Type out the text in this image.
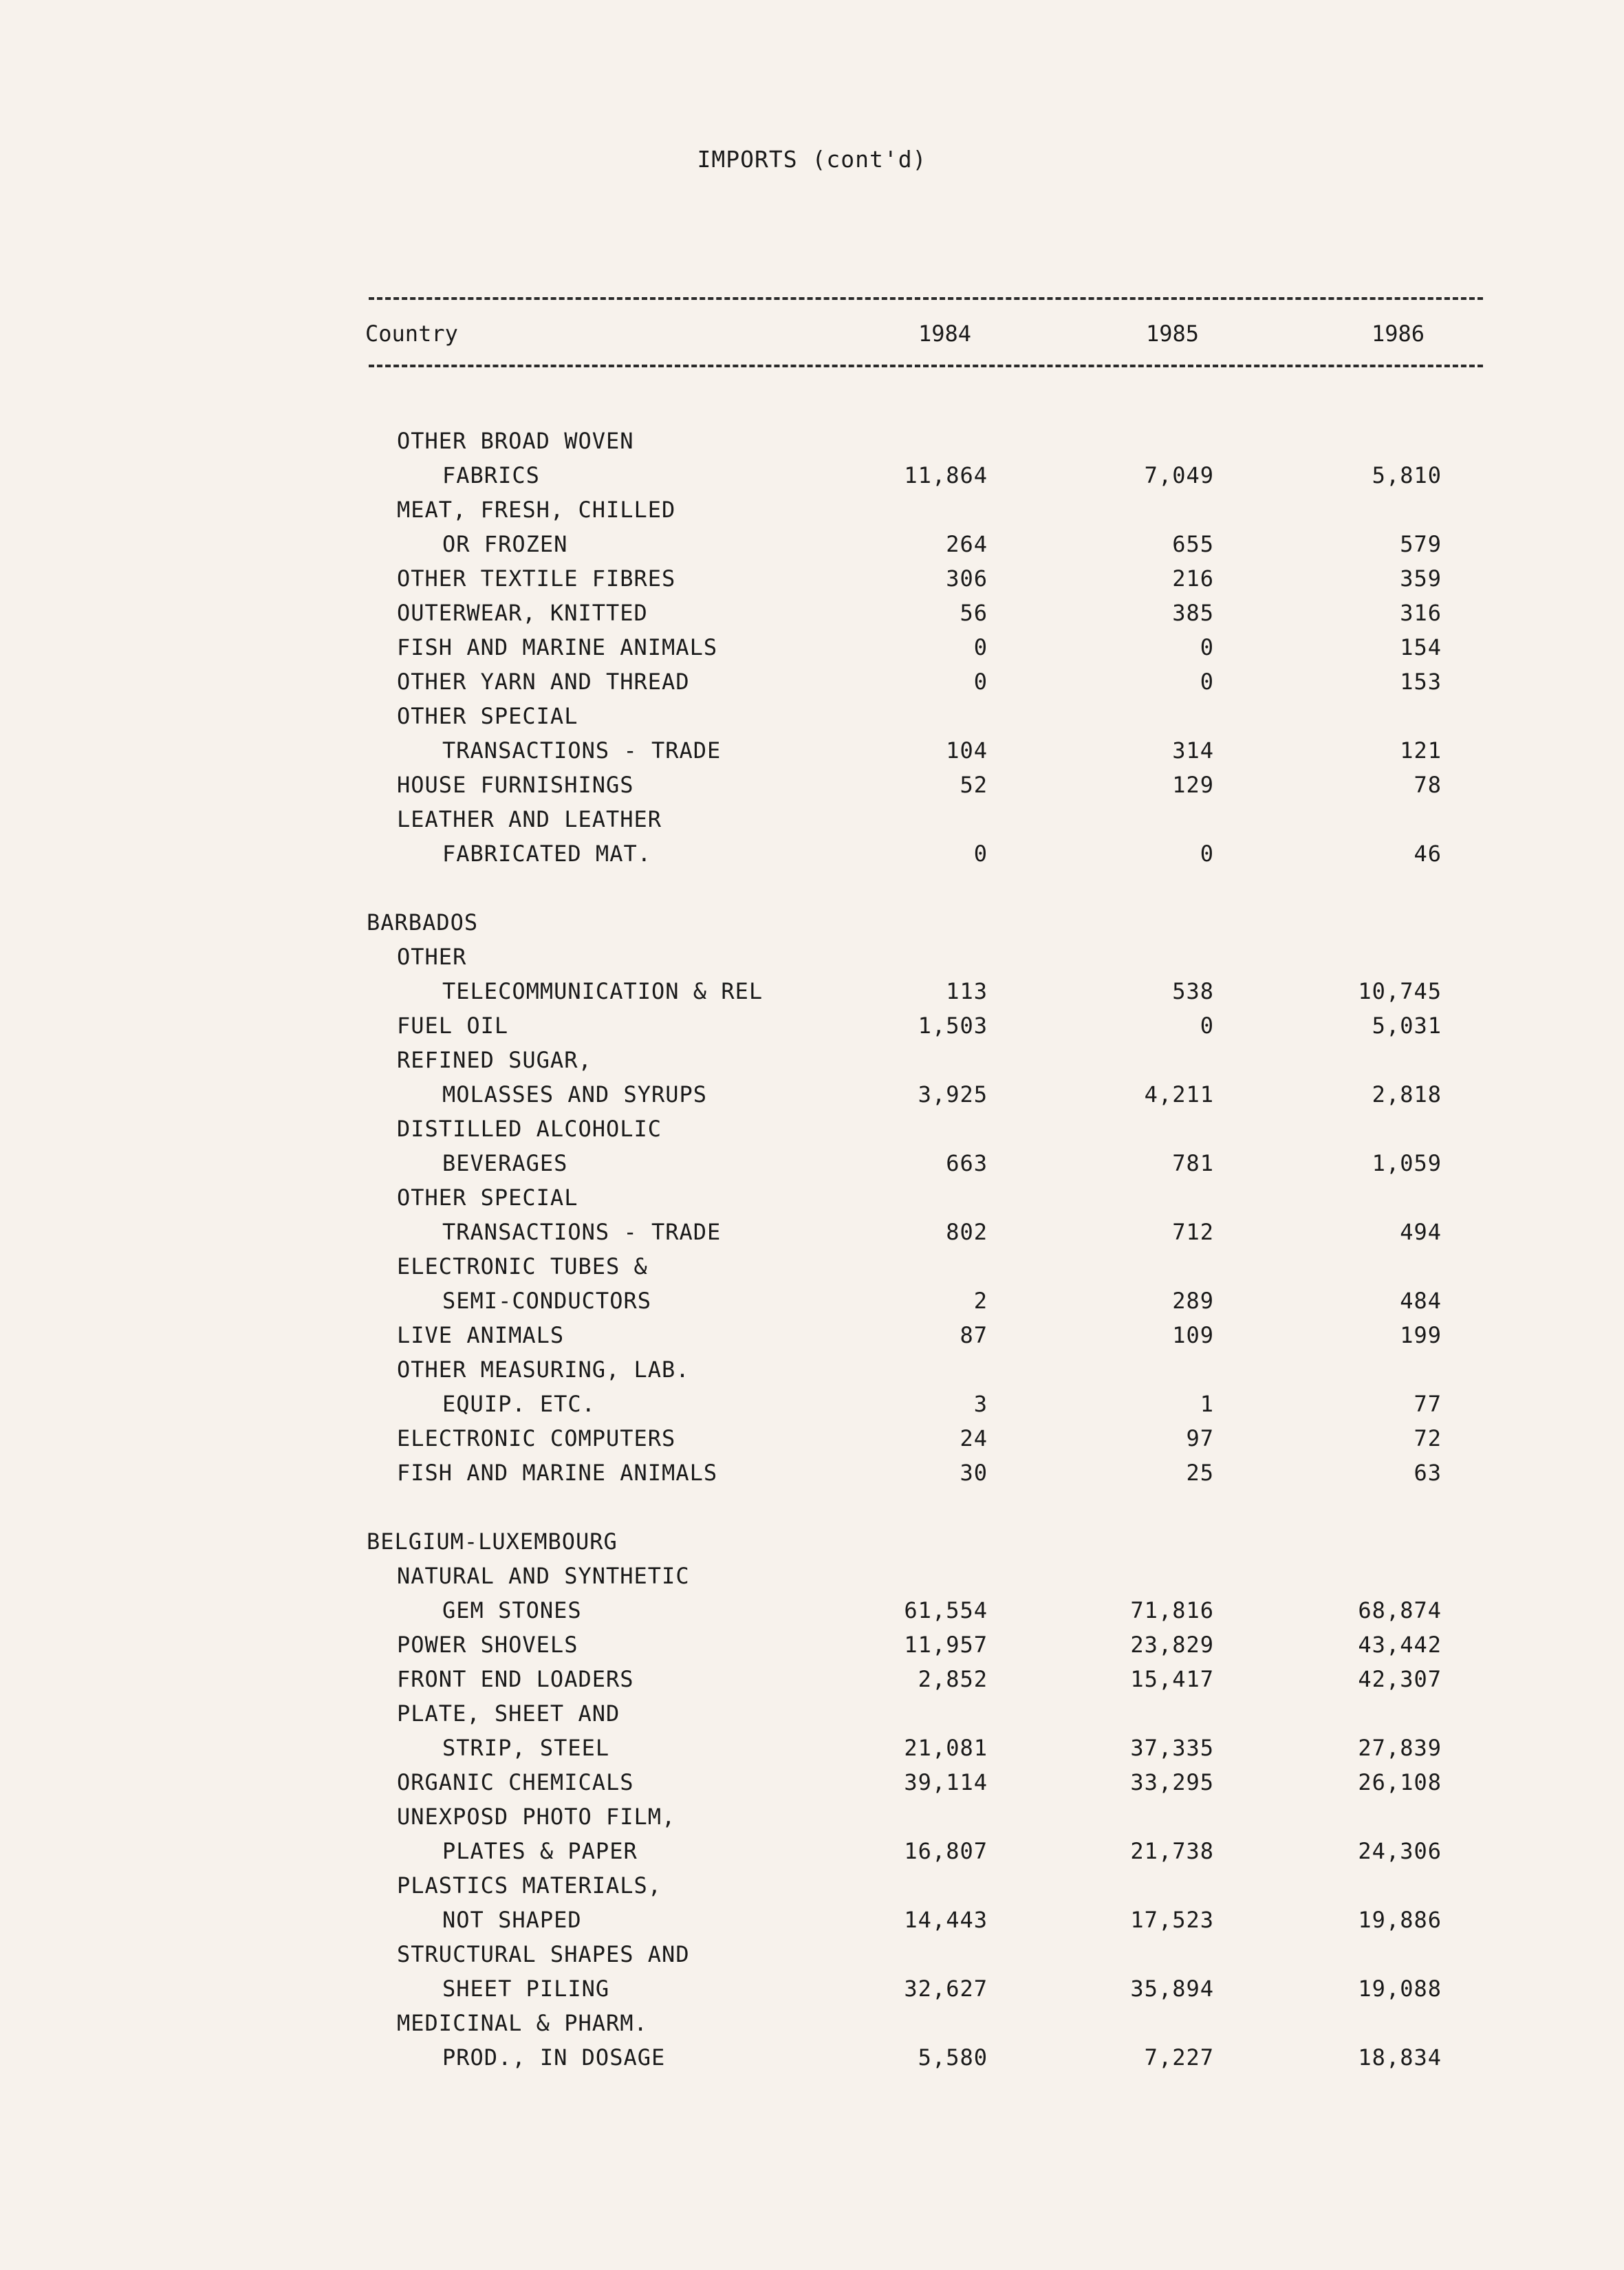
IMPORTS (cont'd)
Country	1984	1985	1986
OTHER BROAD WOVEN
FABRICS	11,864	7,049	5,810
MEAT, FRESH, CHILLED
OR FROZEN	264	655	579
OTHER TEXTILE FIBRES	306	216	359
OUTERWEAR, KNITTED	56	385	316
FISH AND MARINE ANIMALS	0	0	154
OTHER YARN AND THREAD	0	0	153
OTHER SPECIAL
TRANSACTIONS - TRADE	104	314	121
HOUSE FURNISHINGS	52	129	78
LEATHER AND LEATHER
FABRICATED MAT.	0	0	46
BARBADOS
OTHER
TELECOMMUNICATION & REL	113	538	10,745
FUEL OIL	1,503	0	5,031
REFINED SUGAR,
MOLASSES AND SYRUPS	3,925	4,211	2,818
DISTILLED ALCOHOLIC
BEVERAGES	663	781	1,059
OTHER SPECIAL
TRANSACTIONS - TRADE	802	712	494
ELECTRONIC TUBES &
SEMI-CONDUCTORS	2	289	484
LIVE ANIMALS	87	109	199
OTHER MEASURING, LAB.
EQUIP. ETC.	3	1	77
ELECTRONIC COMPUTERS	24	97	72
FISH AND MARINE ANIMALS	30	25	63
BELGIUM-LUXEMBOURG
NATURAL AND SYNTHETIC
GEM STONES	61,554	71,816	68,874
POWER SHOVELS	11,957	23,829	43,442
FRONT END LOADERS	2,852	15,417	42,307
PLATE, SHEET AND
STRIP, STEEL	21,081	37,335	27,839
ORGANIC CHEMICALS	39,114	33,295	26,108
UNEXPOSD PHOTO FILM,
PLATES & PAPER	16,807	21,738	24,306
PLASTICS MATERIALS,
NOT SHAPED	14,443	17,523	19,886
STRUCTURAL SHAPES AND
SHEET PILING	32,627	35,894	19,088
MEDICINAL & PHARM.
PROD., IN DOSAGE	5,580	7,227	18,834
